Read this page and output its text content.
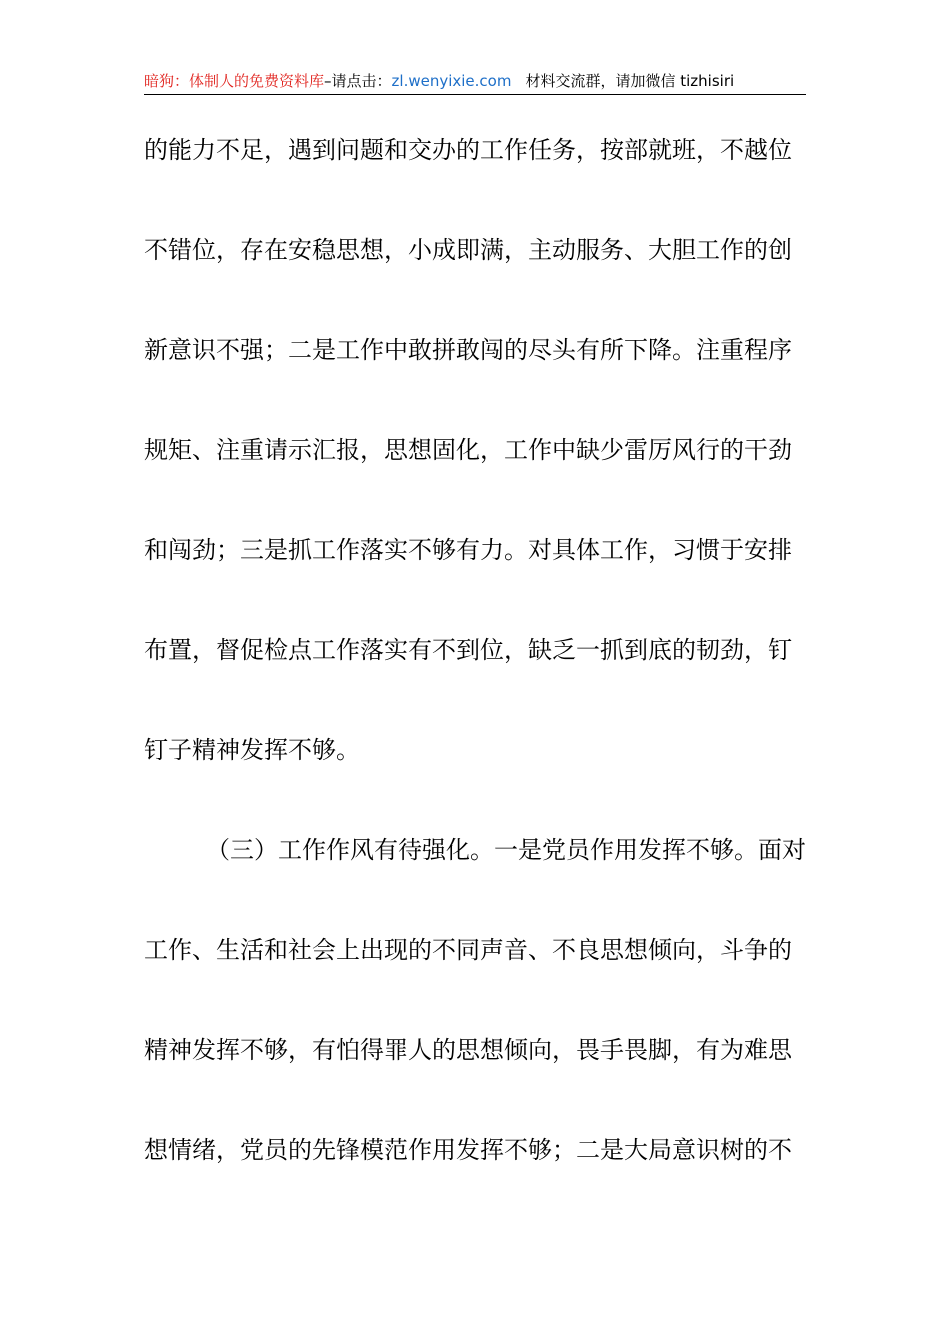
暗狗：体制人的免费资料库–请点击：zl.wenyixie.com 材料交流群，请加微信 tizhisiri
的能力不足，遇到问题和交办的工作任务，按部就班，不越位
不错位，存在安稳思想，小成即满，主动服务、大胆工作的创
新意识不强；二是工作中敢拼敢闯的尽头有所下降。注重程序
规矩、注重请示汇报，思想固化，工作中缺少雷厉风行的干劲
和闯劲；三是抓工作落实不够有力。对具体工作，习惯于安排
布置，督促检点工作落实有不到位，缺乏一抓到底的韧劲，钉
钉子精神发挥不够。
（三）工作作风有待强化。一是党员作用发挥不够。面对
工作、生活和社会上出现的不同声音、不良思想倾向，斗争的
精神发挥不够，有怕得罪人的思想倾向，畏手畏脚，有为难思
想情绪，党员的先锋模范作用发挥不够；二是大局意识树的不
